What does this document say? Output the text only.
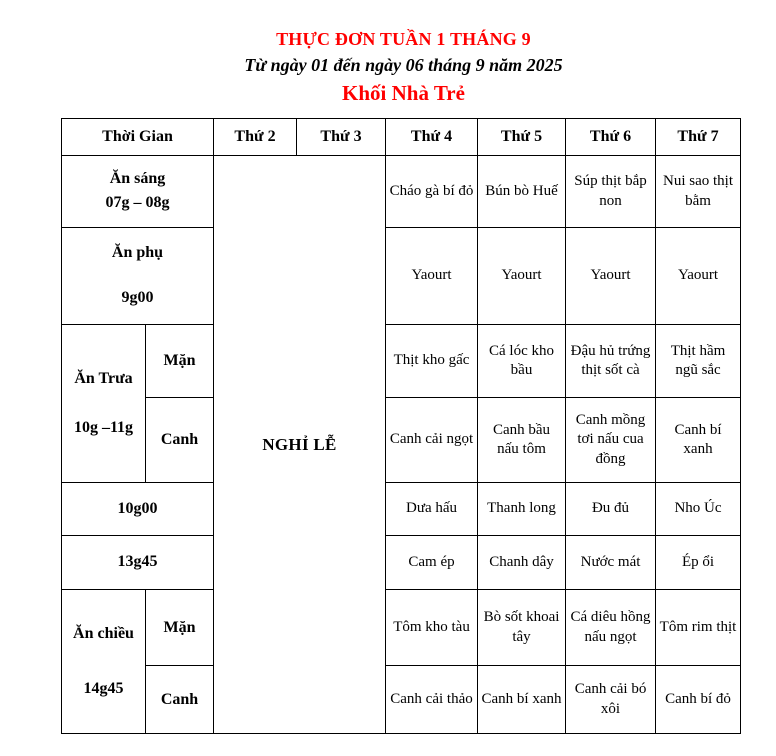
THỰC ĐƠN TUẦN 1 THÁNG 9

Từ ngày 01 đến ngày 06 tháng 9 năm 2025

Khối Nhà Trẻ

Thời Gian		Thứ 2	Thứ 3	Thứ 4	Thứ 5	Thứ 6	Thứ 7
Ăn sáng
07g – 08g		NGHỈ LỄ		Cháo gà bí đỏ	Bún bò Huế	Súp thịt bắp non	Nui sao thịt bằm
Ăn phụ
9g00				Yaourt	Yaourt	Yaourt	Yaourt
Ăn Trưa
10g –11g	Mặn			Thịt kho gấc	Cá lóc kho bầu	Đậu hủ trứng thịt sốt cà	Thịt hầm ngũ sắc
	Canh			Canh cải ngọt	Canh bầu nấu tôm	Canh mồng tơi nấu cua đồng	Canh bí xanh
10g00				Dưa hấu	Thanh long	Đu đủ	Nho Úc
13g45				Cam ép	Chanh dây	Nước mát	Ép ổi
Ăn chiều
14g45	Mặn			Tôm kho tàu	Bò sốt khoai tây	Cá diêu hồng nấu ngọt	Tôm rim thịt
	Canh			Canh cải thảo	Canh bí xanh	Canh cải bó xôi	Canh bí đỏ
